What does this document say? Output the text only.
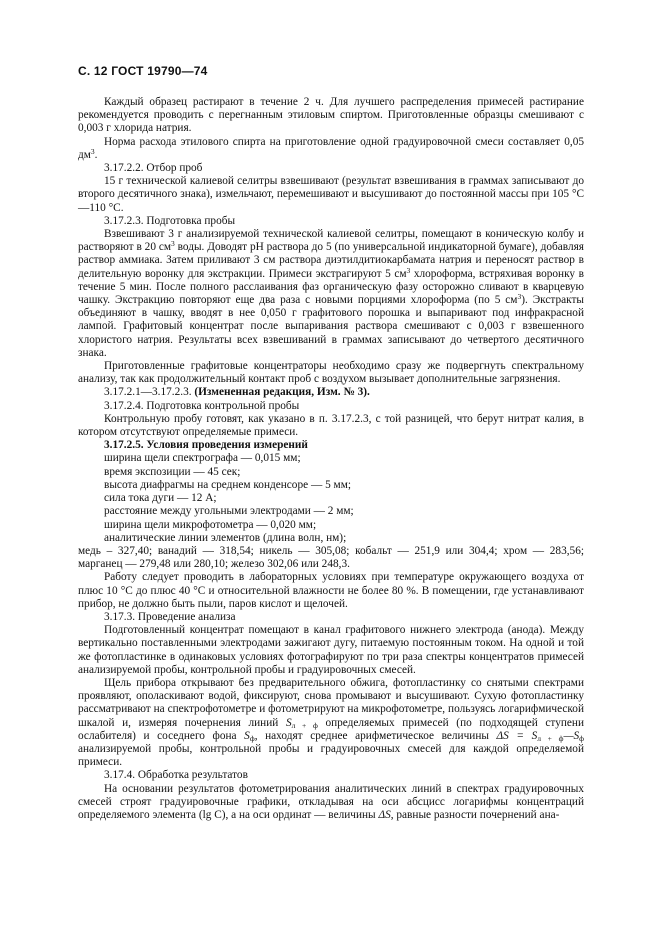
С. 12 ГОСТ 19790—74

Каждый образец растирают в течение 2 ч. Для лучшего распределения примесей растирание рекомендуется проводить с перегнанным этиловым спиртом. Приготовленные образцы смешивают с 0,003 г хлорида натрия.

Норма расхода этилового спирта на приготовление одной градуировочной смеси составляет 0,05 $дм^3$.

3.17.2.2. Отбор проб

15 г технической калиевой селитры взвешивают (результат взвешивания в граммах записывают до второго десятичного знака), измельчают, перемешивают и высушивают до постоянной массы при 105 °С—110 °С.

3.17.2.3. Подготовка пробы

Взвешивают 3 г анализируемой технической калиевой селитры, помещают в коническую колбу и растворяют в 20 $см^3$ воды. Доводят pH раствора до 5 (по универсальной индикаторной бумаге), добавляя раствор аммиака. Затем приливают 3 см раствора диэтилдитиокарбамата натрия и переносят раствор в делительную воронку для экстракции. Примеси экстрагируют 5 $см^3$ хлороформа, встряхивая воронку в течение 5 мин. После полного расслаивания фаз органическую фазу осторожно сливают в кварцевую чашку. Экстракцию повторяют еще два раза с новыми порциями хлороформа (по 5 $см^3$). Экстракты объединяют в чашку, вводят в нее 0,050 г графитового порошка и выпаривают под инфракрасной лампой. Графитовый концентрат после выпаривания раствора смешивают с 0,003 г взвешенного хлористого натрия. Результаты всех взвешиваний в граммах записывают до четвертого десятичного знака.

Приготовленные графитовые концентраторы необходимо сразу же подвергнуть спектральному анализу, так как продолжительный контакт проб с воздухом вызывает дополнительные загрязнения.

3.17.2.1—3.17.2.3. (Измененная редакция, Изм. № 3).

3.17.2.4. Подготовка контрольной пробы

Контрольную пробу готовят, как указано в п. 3.17.2.3, с той разницей, что берут нитрат калия, в котором отсутствуют определяемые примеси.

3.17.2.5. Условия проведения измерений

ширина щели спектрографа — 0,015 мм;

время экспозиции — 45 сек;

высота диафрагмы на среднем конденсоре — 5 мм;

сила тока дуги — 12 А;

расстояние между угольными электродами — 2 мм;

ширина щели микрофотометра — 0,020 мм;

аналитические линии элементов (длина волн, нм);

медь – 327,40; ванадий — 318,54; никель — 305,08; кобальт — 251,9 или 304,4; хром — 283,56; марганец — 279,48 или 280,10; железо 302,06 или 248,3.

Работу следует проводить в лабораторных условиях при температуре окружающего воздуха от плюс 10 °С до плюс 40 °С и относительной влажности не более 80 %. В помещении, где устанавливают прибор, не должно быть пыли, паров кислот и щелочей.

3.17.3. Проведение анализа

Подготовленный концентрат помещают в канал графитового нижнего электрода (анода). Между вертикально поставленными электродами зажигают дугу, питаемую постоянным током. На одной и той же фотопластинке в одинаковых условиях фотографируют по три раза спектры концентратов примесей анализируемой пробы, контрольной пробы и градуировочных смесей.

Щель прибора открывают без предварительного обжига, фотопластинку со снятыми спектрами проявляют, ополаскивают водой, фиксируют, снова промывают и высушивают. Сухую фотопластинку рассматривают на спектрофотометре и фотометрируют на микрофотометре, пользуясь логарифмической шкалой и, измеряя почернения линий $S_{л + ф}$ определяемых примесей (по подходящей ступени ослабителя) и соседнего фона $S_ф$, находят среднее арифметическое величины $\Delta S = S_{л + ф}—S_ф$ анализируемой пробы, контрольной пробы и градуировочных смесей для каждой определяемой примеси.

3.17.4. Обработка результатов

На основании результатов фотометрирования аналитических линий в спектрах градуировочных смесей строят градуировочные графики, откладывая на оси абсцисс логарифмы концентраций определяемого элемента (lg C), а на оси ординат — величины ΔS, равные разности почернений ана-
